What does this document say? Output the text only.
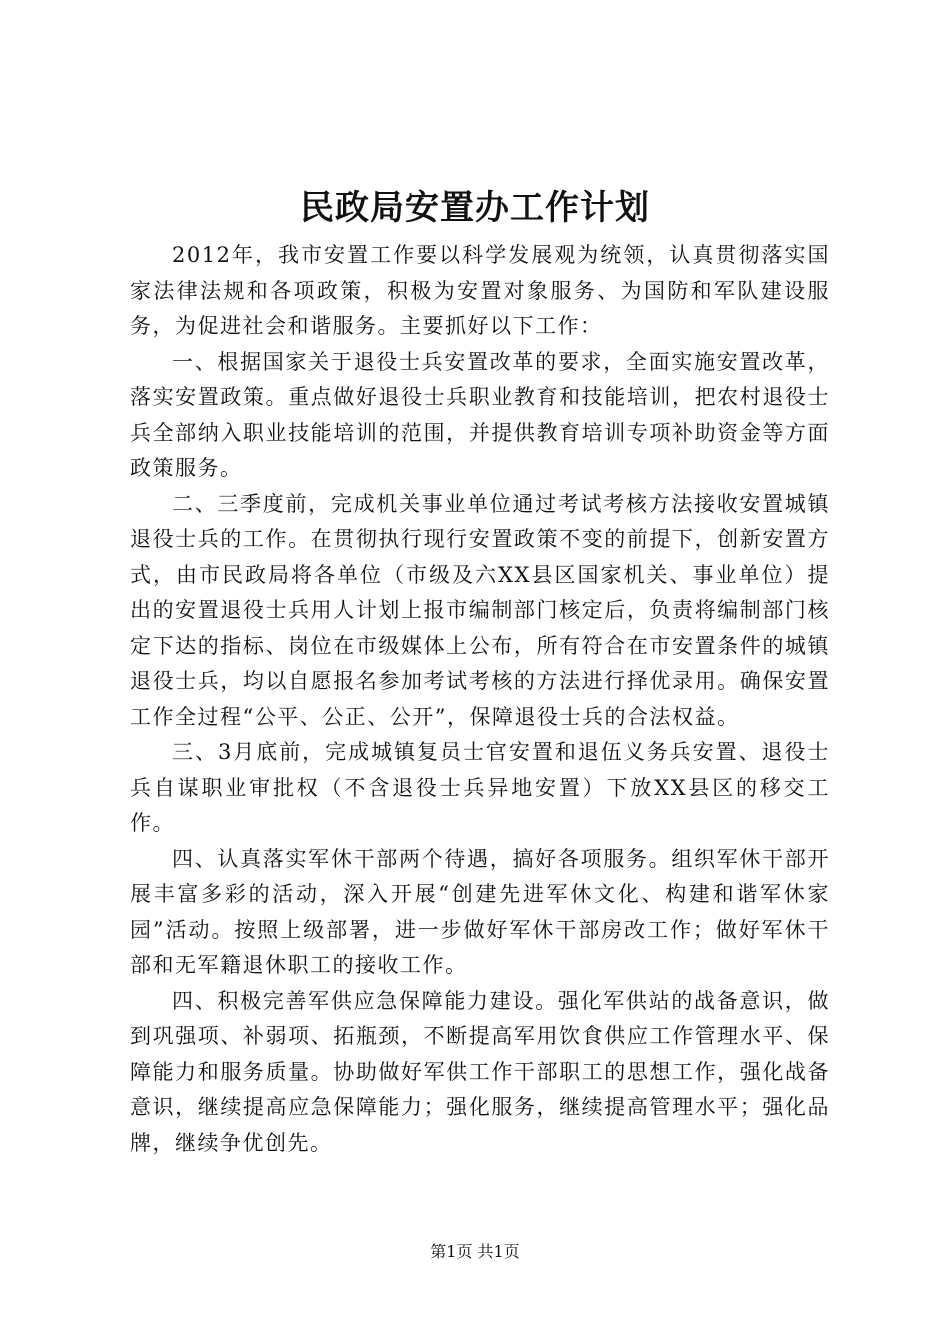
民政局安置办工作计划

2012年，我市安置工作要以科学发展观为统领，认真贯彻落实国家法律法规和各项政策，积极为安置对象服务、为国防和军队建设服务，为促进社会和谐服务。主要抓好以下工作：

一、根据国家关于退役士兵安置改革的要求，全面实施安置改革，落实安置政策。重点做好退役士兵职业教育和技能培训，把农村退役士兵全部纳入职业技能培训的范围，并提供教育培训专项补助资金等方面政策服务。

二、三季度前，完成机关事业单位通过考试考核方法接收安置城镇退役士兵的工作。在贯彻执行现行安置政策不变的前提下，创新安置方式，由市民政局将各单位（市级及六XX县区国家机关、事业单位）提出的安置退役士兵用人计划上报市编制部门核定后，负责将编制部门核定下达的指标、岗位在市级媒体上公布，所有符合在市安置条件的城镇退役士兵，均以自愿报名参加考试考核的方法进行择优录用。确保安置工作全过程“公平、公正、公开”，保障退役士兵的合法权益。

三、3月底前，完成城镇复员士官安置和退伍义务兵安置、退役士兵自谋职业审批权（不含退役士兵异地安置）下放XX县区的移交工作。

四、认真落实军休干部两个待遇，搞好各项服务。组织军休干部开展丰富多彩的活动，深入开展“创建先进军休文化、构建和谐军休家园”活动。按照上级部署，进一步做好军休干部房改工作；做好军休干部和无军籍退休职工的接收工作。

四、积极完善军供应急保障能力建设。强化军供站的战备意识，做到巩强项、补弱项、拓瓶颈，不断提高军用饮食供应工作管理水平、保障能力和服务质量。协助做好军供工作干部职工的思想工作，强化战备意识，继续提高应急保障能力；强化服务，继续提高管理水平；强化品牌，继续争优创先。

第1页 共1页
